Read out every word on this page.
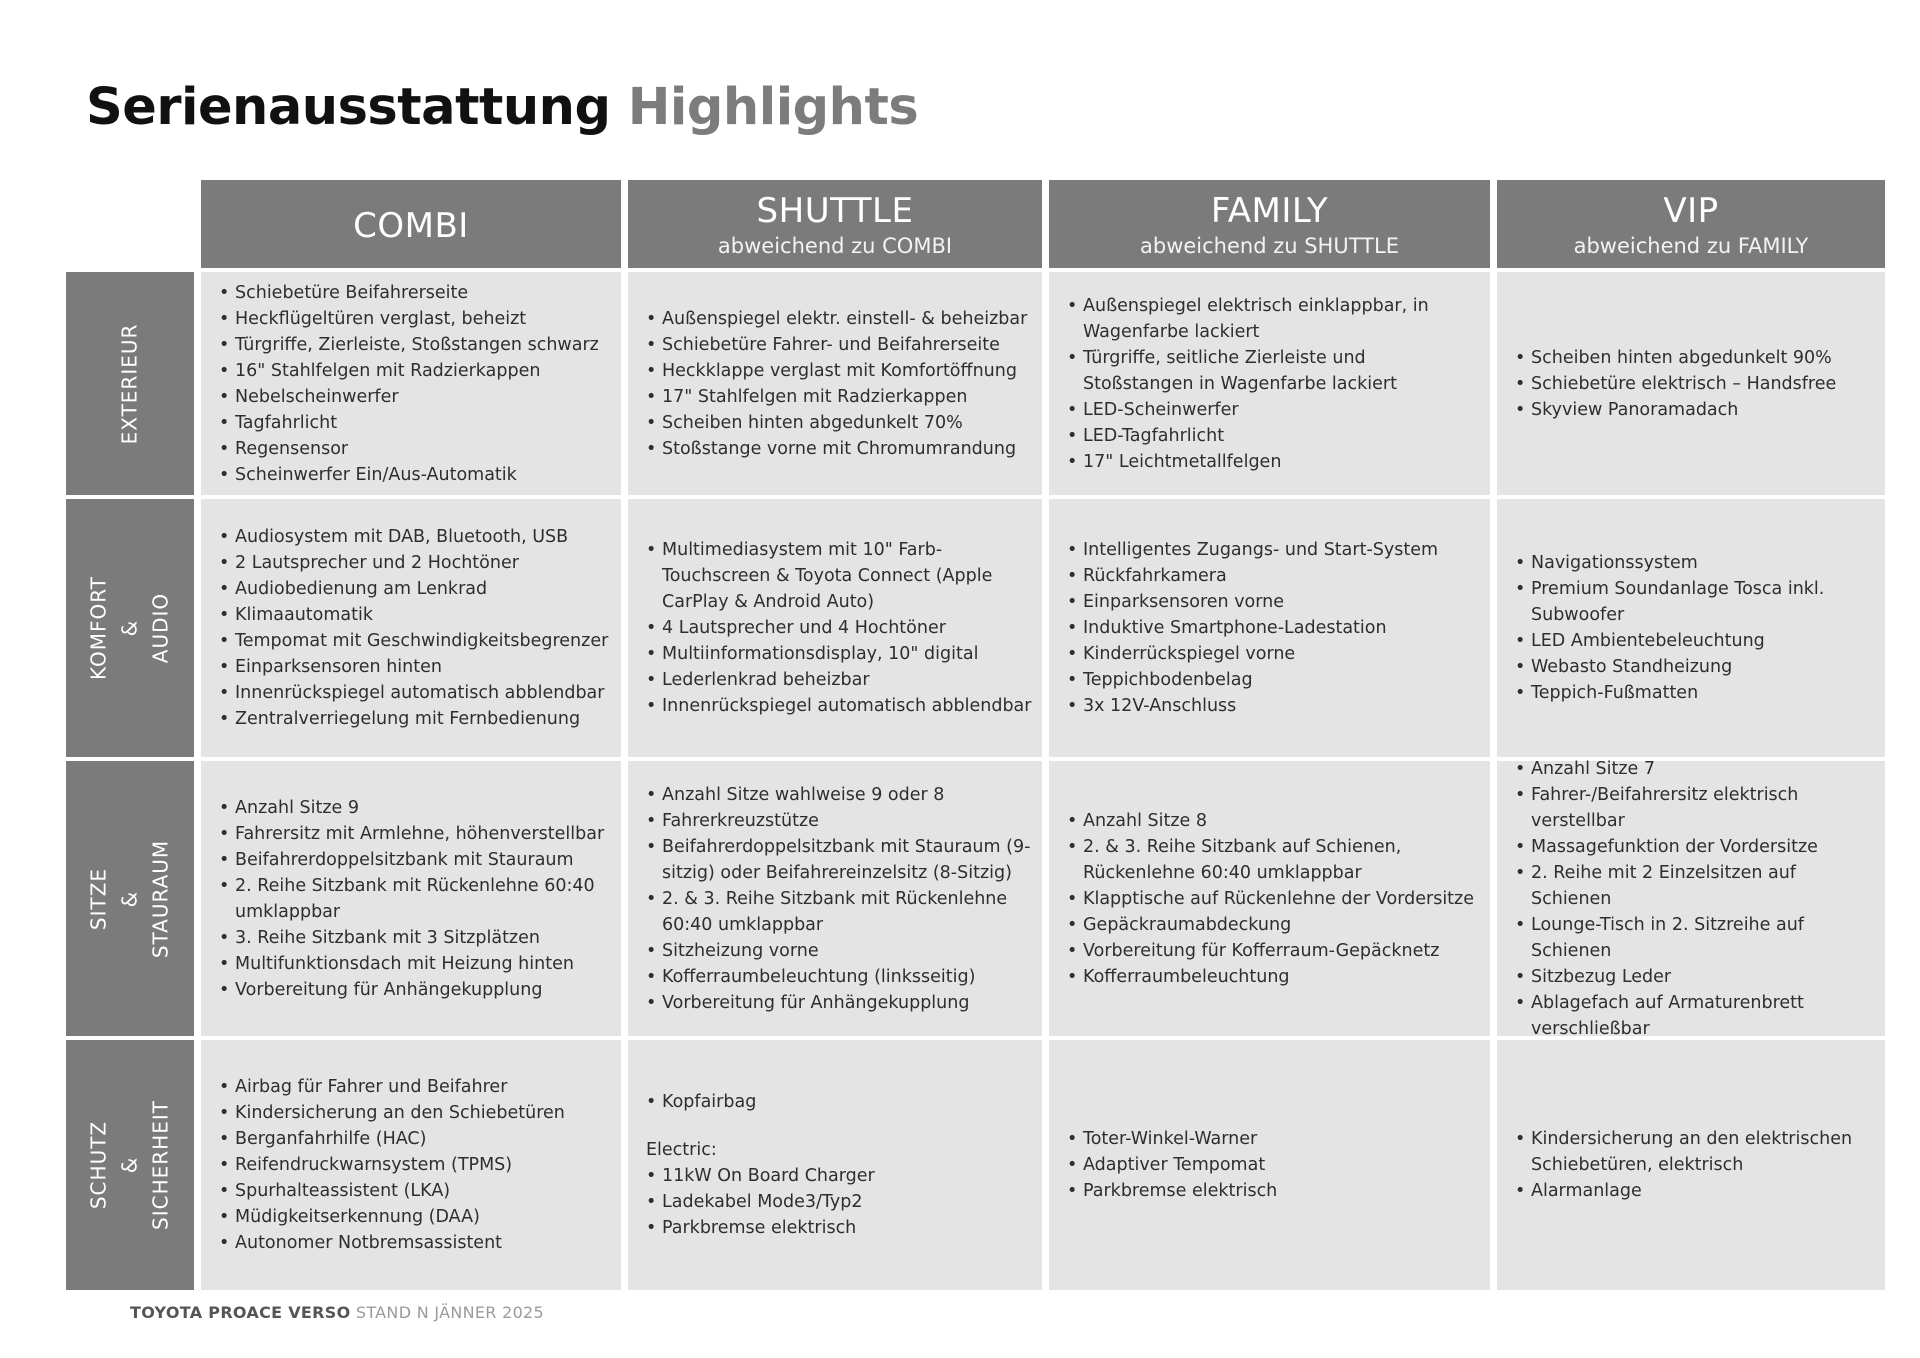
Serienausstattung Highlights
COMBI	SHUTTLE
abweichend zu COMBI
FAMILY
abweichend zu SHUTTLE
VIP
abweichend zu FAMILY
EXTERIEUR
• Schiebetüre Beifahrerseite
• Heckflügeltüren verglast, beheizt
• Türgriffe, Zierleiste, Stoßstangen schwarz
• 16" Stahlfelgen mit Radzierkappen
• Nebelscheinwerfer
• Tagfahrlicht
• Regensensor
• Scheinwerfer Ein/Aus-Automatik
• Außenspiegel elektr. einstell- & beheizbar
• Schiebetüre Fahrer- und Beifahrerseite
• Heckklappe verglast mit Komfortöffnung
• 17" Stahlfelgen mit Radzierkappen
• Scheiben hinten abgedunkelt 70%
• Stoßstange vorne mit Chromumrandung
• Außenspiegel elektrisch einklappbar, in Wagenfarbe lackiert
• Türgriffe, seitliche Zierleiste und Stoßstangen in Wagenfarbe lackiert
• LED-Scheinwerfer
• LED-Tagfahrlicht
• 17" Leichtmetallfelgen
• Scheiben hinten abgedunkelt 90%
• Schiebetüre elektrisch – Handsfree
• Skyview Panoramadach
KOMFORT & AUDIO
• Audiosystem mit DAB, Bluetooth, USB
• 2 Lautsprecher und 2 Hochtöner
• Audiobedienung am Lenkrad
• Klimaautomatik
• Tempomat mit Geschwindigkeitsbegrenzer
• Einparksensoren hinten
• Innenrückspiegel automatisch abblendbar
• Zentralverriegelung mit Fernbedienung
• Multimediasystem mit 10" Farb-Touchscreen & Toyota Connect (Apple CarPlay & Android Auto)
• 4 Lautsprecher und 4 Hochtöner
• Multiinformationsdisplay, 10" digital
• Lederlenkrad beheizbar
• Innenrückspiegel automatisch abblendbar
• Intelligentes Zugangs- und Start-System
• Rückfahrkamera
• Einparksensoren vorne
• Induktive Smartphone-Ladestation
• Kinderrückspiegel vorne
• Teppichbodenbelag
• 3x 12V-Anschluss
• Navigationssystem
• Premium Soundanlage Tosca inkl. Subwoofer
• LED Ambientebeleuchtung
• Webasto Standheizung
• Teppich-Fußmatten
SITZE & STAURAUM
• Anzahl Sitze 9
• Fahrersitz mit Armlehne, höhenverstellbar
• Beifahrerdoppelsitzbank mit Stauraum
• 2. Reihe Sitzbank mit Rückenlehne 60:40 umklappbar
• 3. Reihe Sitzbank mit 3 Sitzplätzen
• Multifunktionsdach mit Heizung hinten
• Vorbereitung für Anhängekupplung
• Anzahl Sitze wahlweise 9 oder 8
• Fahrerkreuzstütze
• Beifahrerdoppelsitzbank mit Stauraum (9-sitzig) oder Beifahrereinzelsitz (8-Sitzig)
• 2. & 3. Reihe Sitzbank mit Rückenlehne 60:40 umklappbar
• Sitzheizung vorne
• Kofferraumbeleuchtung (linksseitig)
• Vorbereitung für Anhängekupplung
• Anzahl Sitze 8
• 2. & 3. Reihe Sitzbank auf Schienen, Rückenlehne 60:40 umklappbar
• Klapptische auf Rückenlehne der Vordersitze
• Gepäckraumabdeckung
• Vorbereitung für Kofferraum-Gepäcknetz
• Kofferraumbeleuchtung
• Anzahl Sitze 7
• Fahrer-/Beifahrersitz elektrisch verstellbar
• Massagefunktion der Vordersitze
• 2. Reihe mit 2 Einzelsitzen auf Schienen
• Lounge-Tisch in 2. Sitzreihe auf Schienen
• Sitzbezug Leder
• Ablagefach auf Armaturenbrett verschließbar
SCHUTZ & SICHERHEIT
• Airbag für Fahrer und Beifahrer
• Kindersicherung an den Schiebetüren
• Berganfahrhilfe (HAC)
• Reifendruckwarnsystem (TPMS)
• Spurhalteassistent (LKA)
• Müdigkeitserkennung (DAA)
• Autonomer Notbremsassistent
• Kopfairbag
Electric:
• 11kW On Board Charger
• Ladekabel Mode3/Typ2
• Parkbremse elektrisch
• Toter-Winkel-Warner
• Adaptiver Tempomat
• Parkbremse elektrisch
• Kindersicherung an den elektrischen Schiebetüren, elektrisch
• Alarmanlage
TOYOTA PROACE VERSO STAND N JÄNNER 2025
